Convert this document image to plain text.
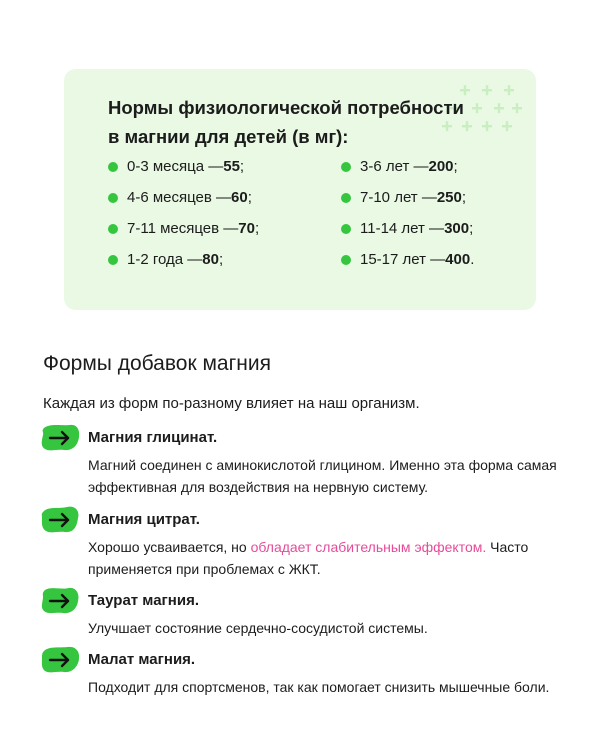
Нормы физиологической потребности
в магнии для детей (в мг):
0-3 месяца — 55 ;
4-6 месяцев — 60 ;
7-11 месяцев — 70 ;
1-2 года — 80 ;
3-6 лет — 200 ;
7-10 лет — 250 ;
11-14 лет — 300 ;
15-17 лет — 400 .
Формы добавок магния

Каждая из форм по-разному влияет на наш организм.

Магния глицинат.

Магний соединен с аминокислотой глицином. Именно эта форма самая эффективная для воздействия на нервную систему.

Магния цитрат.

Хорошо усваивается, но обладает слабительным эффектом. Часто применяется при проблемах с ЖКТ.

Таурат магния.

Улучшает состояние сердечно-сосудистой системы.

Малат магния.

Подходит для спортсменов, так как помогает снизить мышечные боли.
